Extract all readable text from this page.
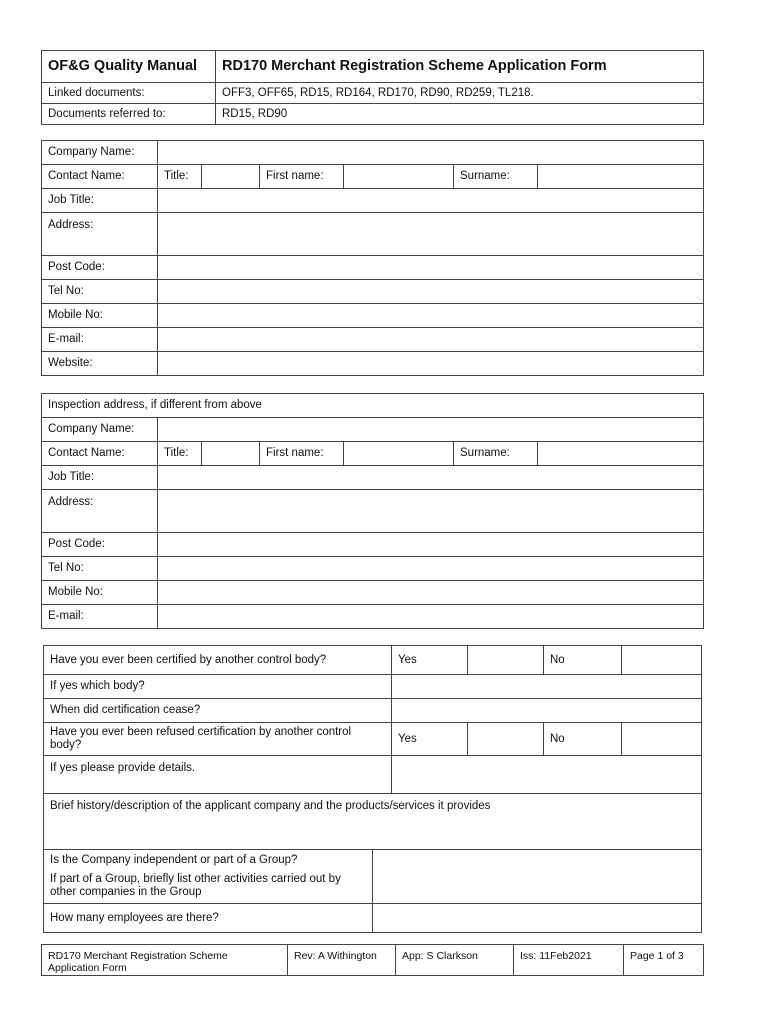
OF&G Quality Manual	RD170 Merchant Registration Scheme Application Form
Linked documents:	OFF3, OFF65, RD15, RD164, RD170, RD90, RD259, TL218.
Documents referred to:	RD15, RD90
Company Name:						
Contact Name:	Title:		First name:		Surname:	
Job Title:						
Address:						
Post Code:						
Tel No:						
Mobile No:						
E-mail:						
Website:						
Inspection address, if different from above						
Company Name:						
Contact Name:	Title:		First name:		Surname:	
Job Title:						
Address:						
Post Code:						
Tel No:						
Mobile No:						
E-mail:						
Have you ever been certified by another control body?	Yes		No	
If yes which body?				
When did certification cease?				
Have you ever been refused certification by another control body?	Yes		No	
If yes please provide details.				
Brief history/description of the applicant company and the products/services it provides
Is the Company independent or part of a Group?
If part of a Group, briefly list other activities carried out by other companies in the Group	

How many employees are there?	
RD170 Merchant Registration Scheme Application Form	Rev: A Withington	App: S Clarkson	Iss: 11Feb2021	Page 1 of 3
